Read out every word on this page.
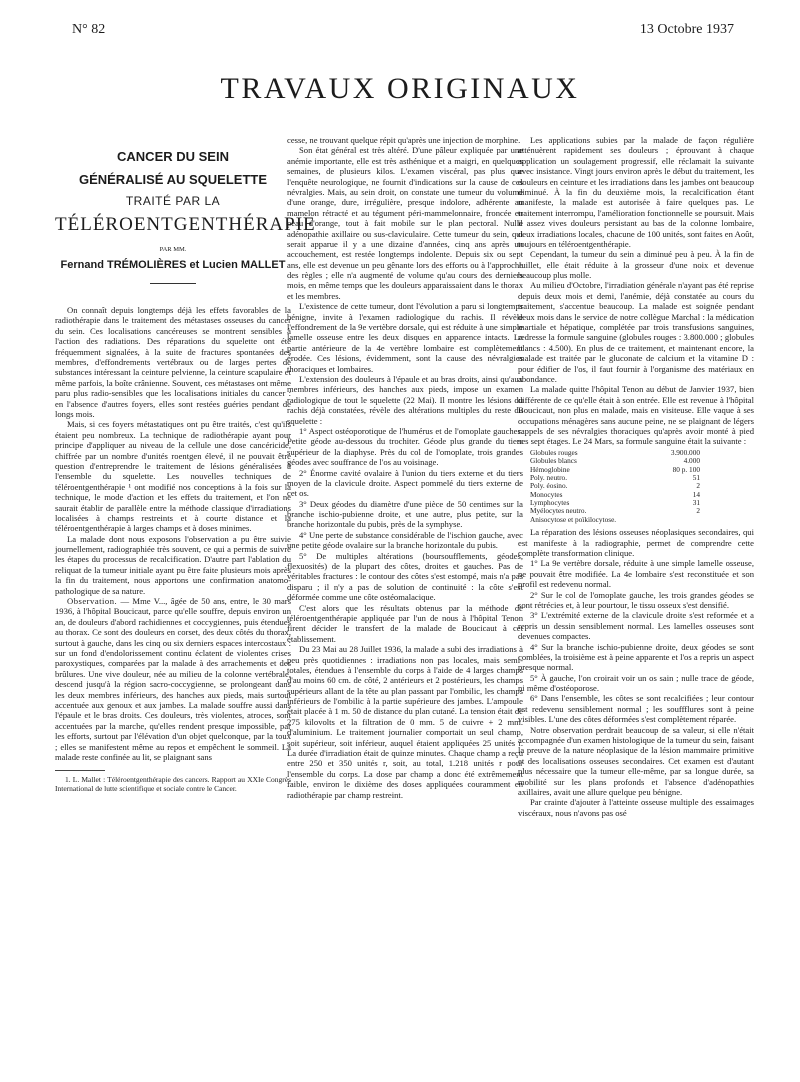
N° 82	13 Octobre 1937
TRAVAUX ORIGINAUX
CANCER DU SEIN
GÉNÉRALISÉ AU SQUELETTE
TRAITÉ PAR LA
TÉLÉROENTGENTHÉRAPIE
PAR MM.
Fernand TRÉMOLIÈRES et Lucien MALLET

On connaît depuis longtemps déjà les effets favorables de la radiothérapie dans le traitement des métastases osseuses du cancer du sein. Ces localisations cancéreuses se montrent sensibles à l'action des radiations. Des réparations du squelette ont été fréquemment signalées, à la suite de fractures spontanées des membres, d'effondrements vertébraux ou de larges pertes de substances intéressant la ceinture pelvienne, la ceinture scapulaire et même parfois, la boîte crânienne. Souvent, ces métastases ont même paru plus radio-sensibles que les localisations initiales du cancer : en l'absence d'autres foyers, elles sont restées guéries pendant de longs mois.

Mais, si ces foyers métastatiques ont pu être traités, c'est qu'ils étaient peu nombreux. La technique de radiothérapie ayant pour principe d'appliquer au niveau de la cellule une dose cancéricide, chiffrée par un nombre d'unités roentgen élevé, il ne pouvait être question d'entreprendre le traitement de lésions généralisées à l'ensemble du squelette. Les nouvelles techniques de téléroentgenthérapie ¹ ont modifié nos conceptions à la fois sur la technique, le mode d'action et les effets du traitement, et l'on ne saurait établir de parallèle entre la méthode classique d'irradiations localisées à champs restreints et à courte distance et la téléroentgenthérapie à larges champs et à doses minimes.

La malade dont nous exposons l'observation a pu être suivie journellement, radiographiée très souvent, ce qui a permis de suivre les étapes du processus de recalcification. D'autre part l'ablation du reliquat de la tumeur initiale ayant pu être faite plusieurs mois après la fin du traitement, nous apportons une confirmation anatomo-pathologique de sa nature.

Observation. — Mme V..., âgée de 50 ans, entre, le 30 mars 1936, à l'hôpital Boucicaut, parce qu'elle souffre, depuis environ un an, de douleurs d'abord rachidiennes et coccygiennes, puis étendues au thorax. Ce sont des douleurs en corset, des deux côtés du thorax, surtout à gauche, dans les cinq ou six derniers espaces intercostaux : sur un fond d'endolorissement continu éclatent de violentes crises paroxystiques, comparées par la malade à des arrachements et des brûlures. Une vive douleur, née au milieu de la colonne vertébrale, descend jusqu'à la région sacro-coccygienne, se prolongeant dans les deux membres inférieurs, des hanches aux pieds, mais surtout accentuée aux genoux et aux jambes. La malade souffre aussi dans l'épaule et le bras droits. Ces douleurs, très violentes, atroces, sont accentuées par la marche, qu'elles rendent presque impossible, par les efforts, surtout par l'élévation d'un objet quelconque, par la toux ; elles se manifestent même au repos et empêchent le sommeil. La malade reste confinée au lit, se plaignant sans

1. L. Mallet : Téléroentgenthérapie des cancers. Rapport au XXIe Congrès International de lutte scientifique et sociale contre le Cancer.

cesse, ne trouvant quelque répit qu'après une injection de morphine.

Son état général est très altéré. D'une pâleur expliquée par une anémie importante, elle est très asthénique et a maigri, en quelques semaines, de plusieurs kilos. L'examen viscéral, pas plus que l'enquête neurologique, ne fournit d'indications sur la cause de ces névralgies. Mais, au sein droit, on constate une tumeur du volume d'une orange, dure, irrégulière, presque indolore, adhérente au mamelon rétracté et au tégument péri-mammelonnaire, froncée en peau d'orange, tout à fait mobile sur le plan pectoral. Nulle adénopathie axillaire ou sus-claviculaire. Cette tumeur du sein, qui serait apparue il y a une dizaine d'années, cinq ans après un accouchement, est restée longtemps indolente. Depuis six ou sept ans, elle est devenue un peu gênante lors des efforts ou à l'approche des règles ; elle n'a augmenté de volume qu'au cours des derniers mois, en même temps que les douleurs apparaissaient dans le thorax et les membres.

L'existence de cette tumeur, dont l'évolution a paru si longtemps bénigne, invite à l'examen radiologique du rachis. Il révèle l'effondrement de la 9e vertèbre dorsale, qui est réduite à une simple lamelle osseuse entre les deux disques en apparence intacts. La partie antérieure de la 4e vertèbre lombaire est complètement érodée. Ces lésions, évidemment, sont la cause des névralgies thoraciques et lombaires.

L'extension des douleurs à l'épaule et au bras droits, ainsi qu'aux membres inférieurs, des hanches aux pieds, impose un examen radiologique de tout le squelette (22 Mai). Il montre les lésions du rachis déjà constatées, révèle des altérations multiples du reste du squelette :

1° Aspect ostéoporotique de l'humérus et de l'omoplate gauches. Petite géode au-dessous du trochiter. Géode plus grande du tiers supérieur de la diaphyse. Près du col de l'omoplate, trois grandes géodes avec souffrance de l'os au voisinage.

2° Énorme cavité ovalaire à l'union du tiers externe et du tiers moyen de la clavicule droite. Aspect pommelé du tiers externe de cet os.

3° Deux géodes du diamètre d'une pièce de 50 centimes sur la branche ischio-pubienne droite, et une autre, plus petite, sur la branche horizontale du pubis, près de la symphyse.

4° Une perte de substance considérable de l'ischion gauche, avec une petite géode ovalaire sur la branche horizontale du pubis.

5° De multiples altérations (boursoufflements, géodes, flexuosités) de la plupart des côtes, droites et gauches. Pas de véritables fractures : le contour des côtes s'est estompé, mais n'a pas disparu ; il n'y a pas de solution de continuité : la côte s'est déformée comme une côte ostéomalacique.

C'est alors que les résultats obtenus par la méthode de téléroentgenthérapie appliquée par l'un de nous à l'hôpital Tenon firent décider le transfert de la malade de Boucicaut à cet établissement.

Du 23 Mai au 28 Juillet 1936, la malade a subi des irradiations à peu près quotidiennes : irradiations non pas locales, mais semi-totales, étendues à l'ensemble du corps à l'aide de 4 larges champs d'au moins 60 cm. de côté, 2 antérieurs et 2 postérieurs, les champs supérieurs allant de la tête au plan passant par l'ombilic, les champs inférieurs de l'ombilic à la partie supérieure des jambes. L'ampoule était placée à 1 m. 50 de distance du plan cutané. La tension était de 275 kilovolts et la filtration de 0 mm. 5 de cuivre + 2 mm. d'aluminium. Le traitement journalier comportait un seul champ, soit supérieur, soit inférieur, auquel étaient appliquées 25 unités r. La durée d'irradiation était de quinze minutes. Chaque champ a reçu entre 250 et 350 unités r, soit, au total, 1.218 unités r pour l'ensemble du corps. La dose par champ a donc été extrêmement faible, environ le dixième des doses appliquées couramment en radiothérapie par champ restreint.

Les applications subies par la malade de façon régulière atténuèrent rapidement ses douleurs ; éprouvant à chaque application un soulagement progressif, elle réclamait la suivante avec insistance. Vingt jours environ après le début du traitement, les douleurs en ceinture et les irradiations dans les jambes ont beaucoup diminué. À la fin du deuxième mois, la recalcification étant manifeste, la malade est autorisée à faire quelques pas. Le traitement interrompu, l'amélioration fonctionnelle se poursuit. Mais il assez vives douleurs persistant au bas de la colonne lombaire, deux irradiations locales, chacune de 100 unités, sont faites en Août, toujours en téléroentgenthérapie.

Cependant, la tumeur du sein a diminué peu à peu. À la fin de Juillet, elle était réduite à la grosseur d'une noix et devenue beaucoup plus molle.

Au milieu d'Octobre, l'irradiation générale n'ayant pas été reprise depuis deux mois et demi, l'anémie, déjà constatée au cours du traitement, s'accentue beaucoup. La malade est soignée pendant deux mois dans le service de notre collègue Marchal : la médication martiale et hépatique, complétée par trois transfusions sanguines, redresse la formule sanguine (globules rouges : 3.800.000 ; globules blancs : 4.500). En plus de ce traitement, et maintenant encore, la malade est traitée par le gluconate de calcium et la vitamine D : pour édifier de l'os, il faut fournir à l'organisme des matériaux en abondance.

La malade quitte l'hôpital Tenon au début de Janvier 1937, bien différente de ce qu'elle était à son entrée. Elle est revenue à l'hôpital Boucicaut, non plus en malade, mais en visiteuse. Elle vaque à ses occupations ménagères sans aucune peine, ne se plaignant de légers rappels de ses névralgies thoraciques qu'après avoir monté à pied ses sept étages. Le 24 Mars, sa formule sanguine était la suivante :

Globules rouges	3.900.000
Globules blancs	4.000
Hémoglobine	80 p. 100
Poly. neutro.	51
Poly. éosino.	2
Monocytes	14
Lymphocytes	31
Myélocytes neutro.	2
Anisocytose et poïkilocytose.	

La réparation des lésions osseuses néoplasiques secondaires, qui est manifeste à la radiographie, permet de comprendre cette complète transformation clinique.

1° La 9e vertèbre dorsale, réduite à une simple lamelle osseuse, ne pouvait être modifiée. La 4e lombaire s'est reconstituée et son profil est redevenu normal.

2° Sur le col de l'omoplate gauche, les trois grandes géodes se sont rétrécies et, à leur pourtour, le tissu osseux s'est densifié.

3° L'extrémité externe de la clavicule droite s'est reformée et a repris un dessin sensiblement normal. Les lamelles osseuses sont devenues compactes.

4° Sur la branche ischio-pubienne droite, deux géodes se sont comblées, la troisième est à peine apparente et l'os a repris un aspect presque normal.

5° À gauche, l'on croirait voir un os sain ; nulle trace de géode, ni même d'ostéoporose.

6° Dans l'ensemble, les côtes se sont recalcifiées ; leur contour est redevenu sensiblement normal ; les souffflures sont à peine visibles. L'une des côtes déformées s'est complètement réparée.

Notre observation perdrait beaucoup de sa valeur, si elle n'était accompagnée d'un examen histologique de la tumeur du sein, faisant la preuve de la nature néoplasique de la lésion mammaire primitive et des localisations osseuses secondaires. Cet examen est d'autant plus nécessaire que la tumeur elle-même, par sa longue durée, sa mobilité sur les plans profonds et l'absence d'adénopathies axillaires, avait une allure quelque peu bénigne.

Par crainte d'ajouter à l'atteinte osseuse multiple des essaimages viscéraux, nous n'avons pas osé
